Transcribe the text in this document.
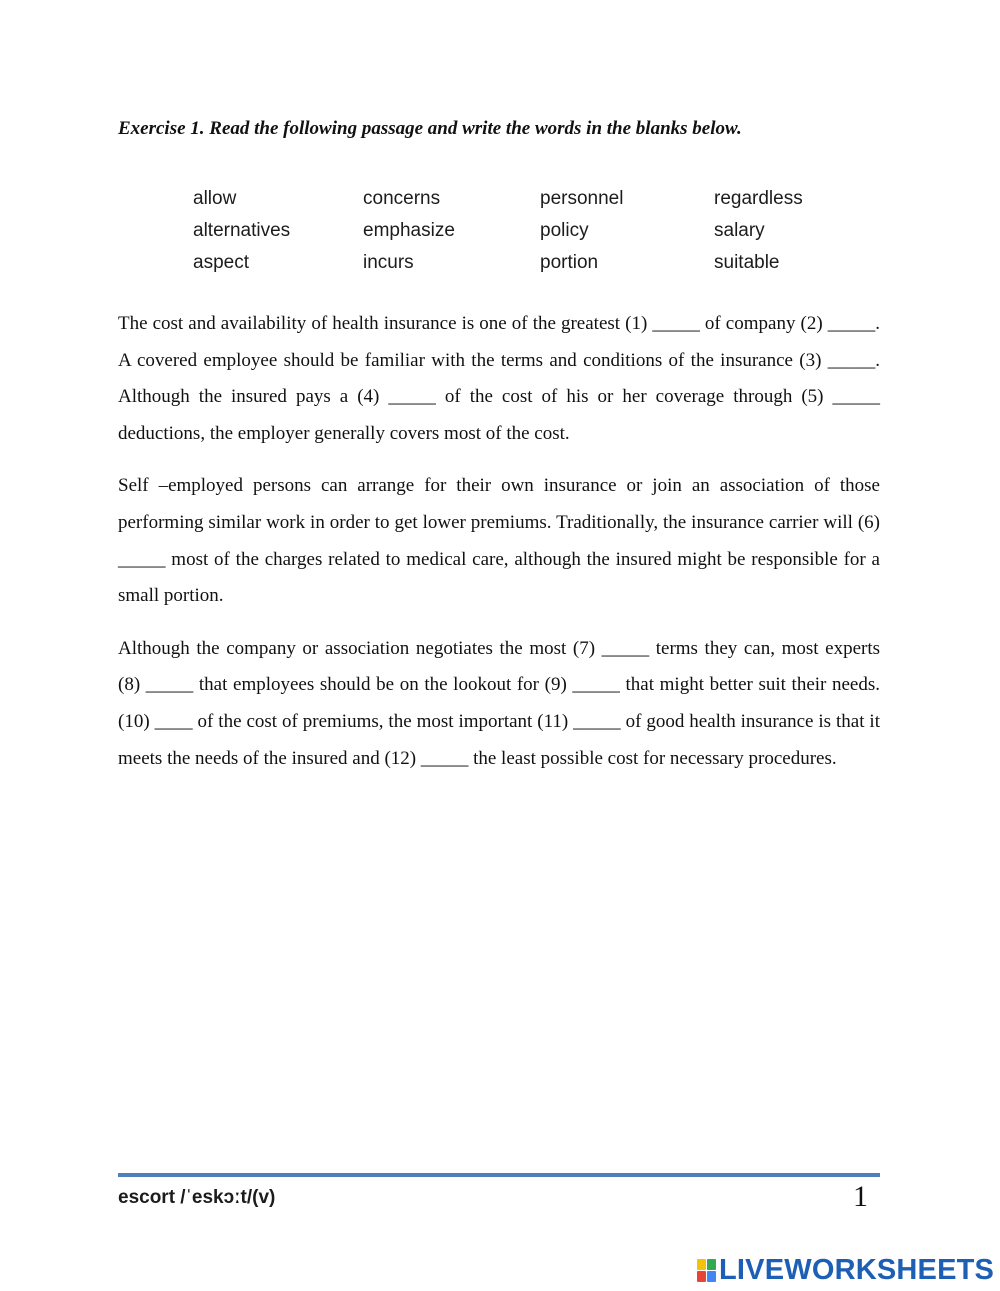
Exercise 1. Read the following passage and write the words in the blanks below.
allow	concerns	personnel	regardless
alternatives	emphasize	policy	salary
aspect	incurs	portion	suitable

The cost and availability of health insurance is one of the greatest (1) _____ of company (2) _____. A covered employee should be familiar with the terms and conditions of the insurance (3) _____. Although the insured pays a (4) _____ of the cost of his or her coverage through (5) _____ deductions, the employer generally covers most of the cost.

Self –employed persons can arrange for their own insurance or join an association of those performing similar work in order to get lower premiums. Traditionally, the insurance carrier will (6) _____ most of the charges related to medical care, although the insured might be responsible for a small portion.

Although the company or association negotiates the most (7) _____ terms they can, most experts (8) _____ that employees should be on the lookout for (9) _____ that might better suit their needs. (10) ____ of the cost of premiums, the most important (11) _____ of good health insurance is that it meets the needs of the insured and (12) _____ the least possible cost for necessary procedures.

escort /ˈeskɔːt/(v)	1
LIVEWORKSHEETS
